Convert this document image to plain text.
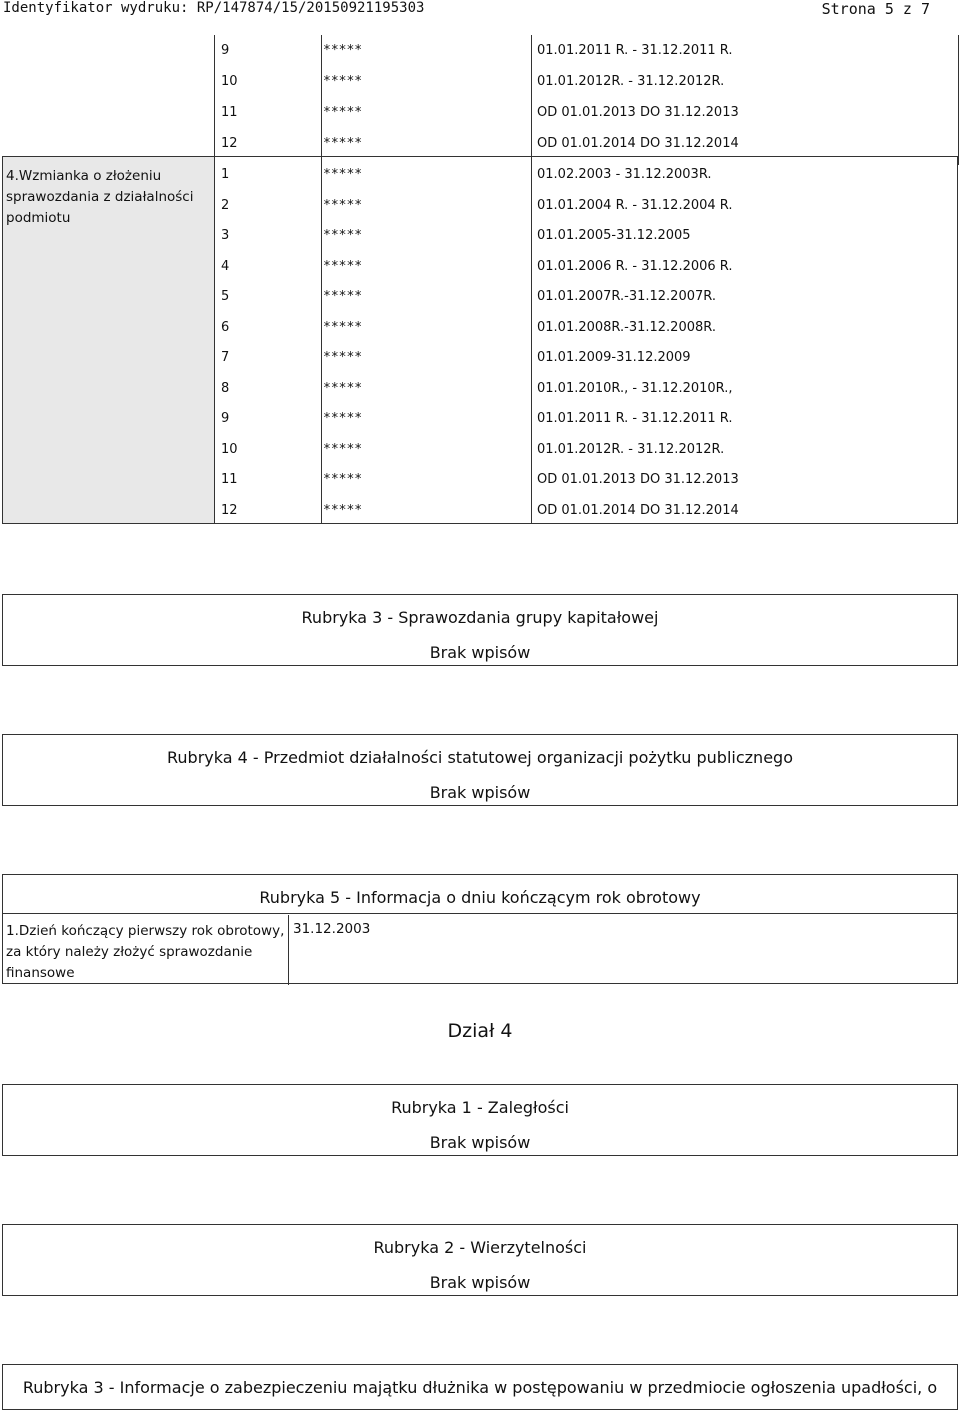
Identyfikator wydruku: RP/147874/15/20150921195303	Strona 5 z 7
9	*****	01.01.2011 R. - 31.12.2011 R.
10	*****	01.01.2012R. - 31.12.2012R.
11	*****	OD 01.01.2013 DO 31.12.2013
12	*****	OD 01.01.2014 DO 31.12.2014
4.Wzmianka o złożeniu sprawozdania z działalności podmiotu
1	*****	01.02.2003 - 31.12.2003R.
2	*****	01.01.2004 R. - 31.12.2004 R.
3	*****	01.01.2005-31.12.2005
4	*****	01.01.2006 R. - 31.12.2006 R.
5	*****	01.01.2007R.-31.12.2007R.
6	*****	01.01.2008R.-31.12.2008R.
7	*****	01.01.2009-31.12.2009
8	*****	01.01.2010R., - 31.12.2010R.,
9	*****	01.01.2011 R. - 31.12.2011 R.
10	*****	01.01.2012R. - 31.12.2012R.
11	*****	OD 01.01.2013 DO 31.12.2013
12	*****	OD 01.01.2014 DO 31.12.2014
Rubryka 3 - Sprawozdania grupy kapitałowej
Brak wpisów
Rubryka 4 - Przedmiot działalności statutowej organizacji pożytku publicznego
Brak wpisów
Rubryka 5 - Informacja o dniu kończącym rok obrotowy
1.Dzień kończący pierwszy rok obrotowy, za który należy złożyć sprawozdanie finansowe
31.12.2003
Dział 4
Rubryka 1 - Zaległości
Brak wpisów
Rubryka 2 - Wierzytelności
Brak wpisów
Rubryka 3 - Informacje o zabezpieczeniu majątku dłużnika w postępowaniu w przedmiocie ogłoszenia upadłości, o
